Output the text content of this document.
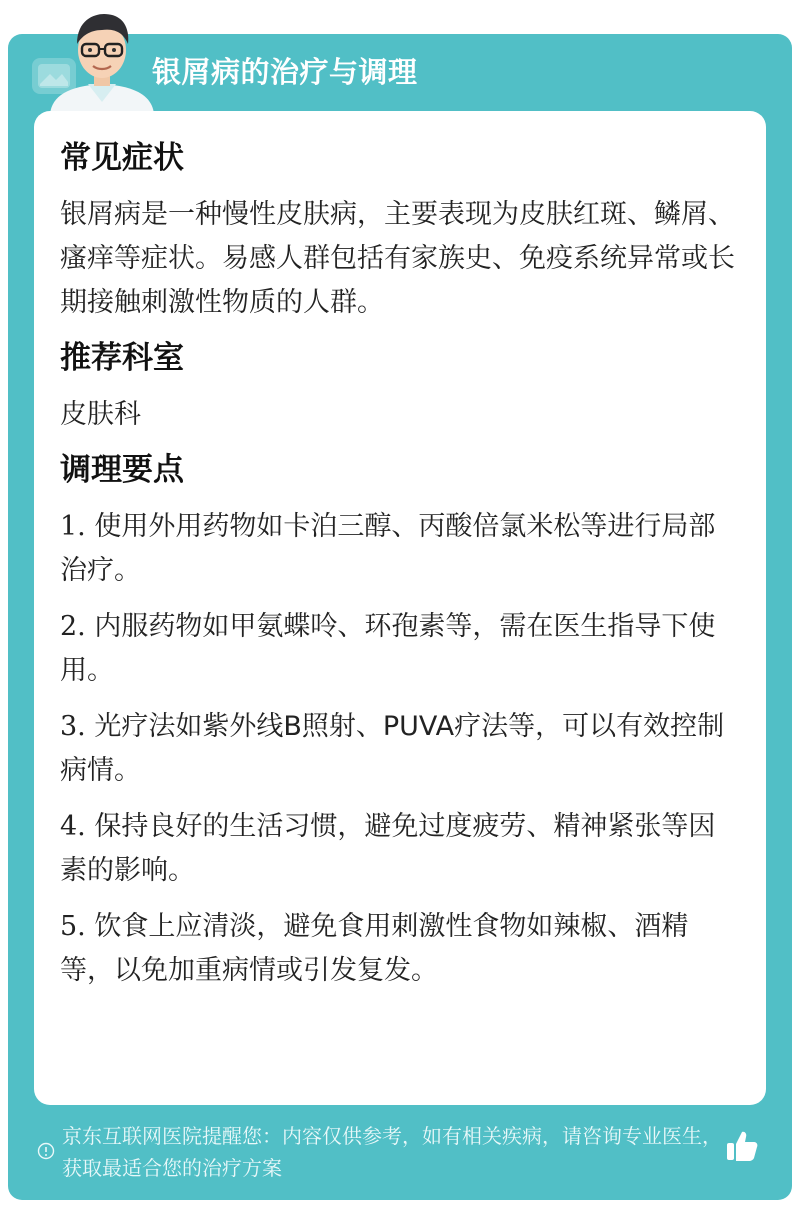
银屑病的治疗与调理
常见症状

银屑病是一种慢性皮肤病，主要表现为皮肤红斑、鳞屑、瘙痒等症状。易感人群包括有家族史、免疫系统异常或长期接触刺激性物质的人群。

推荐科室

皮肤科

调理要点
1. 使用外用药物如卡泊三醇、丙酸倍氯米松等进行局部治疗。
2. 内服药物如甲氨蝶呤、环孢素等，需在医生指导下使用。
3. 光疗法如紫外线B照射、PUVA疗法等，可以有效控制病情。
4. 保持良好的生活习惯，避免过度疲劳、精神紧张等因素的影响。
5. 饮食上应清淡，避免食用刺激性食物如辣椒、酒精等，以免加重病情或引发复发。
京东互联网医院提醒您：内容仅供参考，如有相关疾病，请咨询专业医生，获取最适合您的治疗方案
